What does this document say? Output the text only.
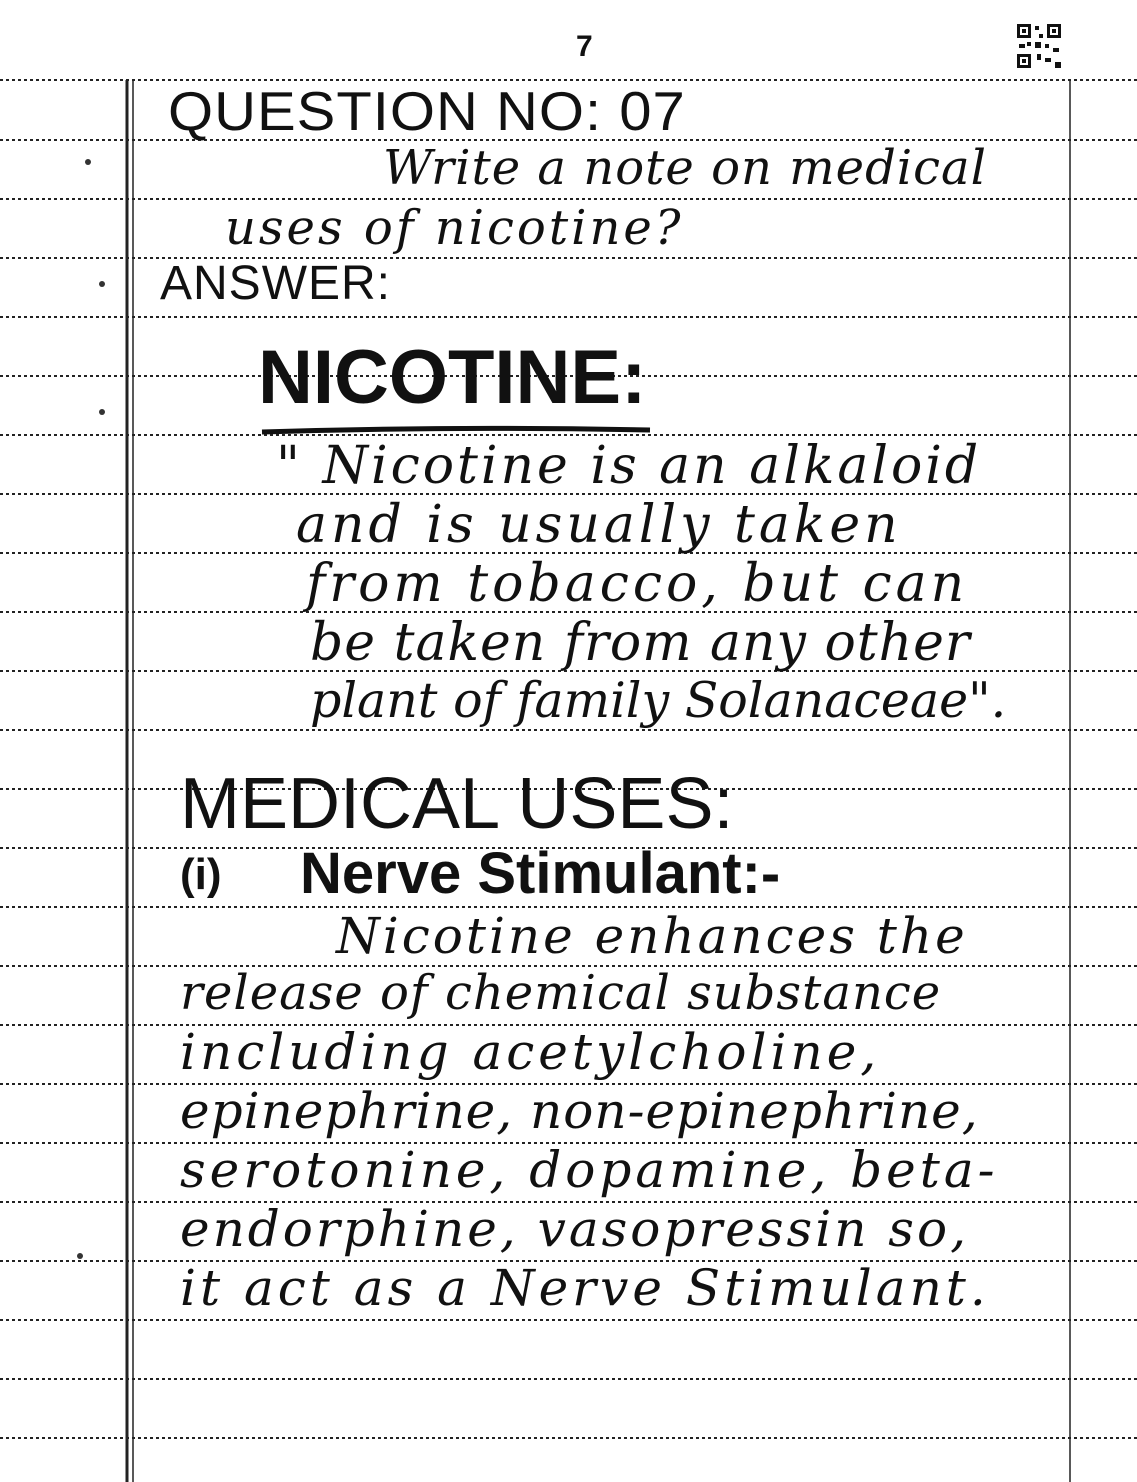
7
QUESTION NO: 07
Write a note on medical
uses of nicotine?
ANSWER:
NICOTINE:
" Nicotine is an alkaloid
and is usually taken
from tobacco, but can
be taken from any other
plant of family Solanaceae".
MEDICAL USES:
(i) Nerve Stimulant:-
Nicotine enhances the
release of chemical substance
including acetylcholine,
epinephrine, non-epinephrine,
serotonine, dopamine, beta-
endorphine, vasopressin so,
it act as a Nerve Stimulant.
